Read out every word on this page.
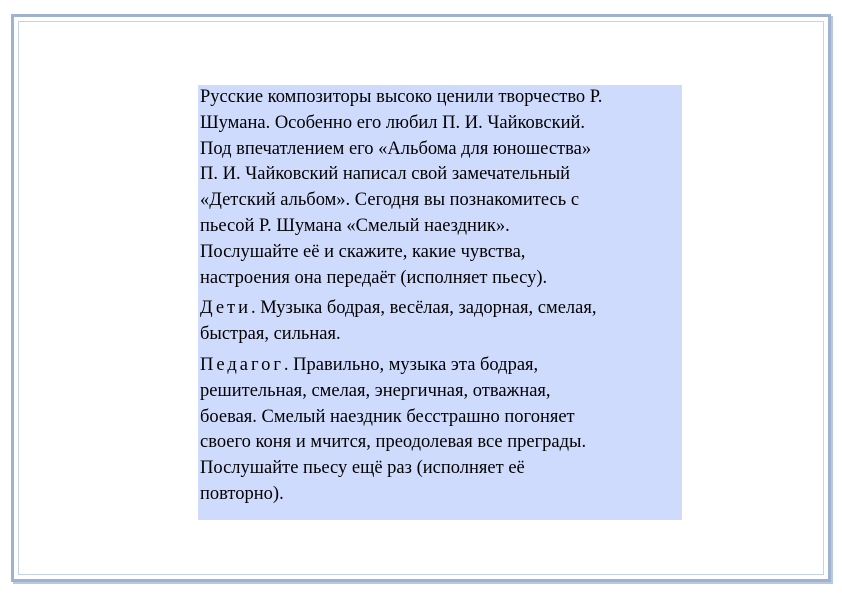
Русские композиторы высоко ценили творчество Р.
Шумана. Особенно его любил П. И. Чайковский.
Под впечатлением его «Альбома для юношества»
П. И. Чайковский написал свой замечательный
«Детский альбом». Сегодня вы познакомитесь с
пьесой Р. Шумана «Смелый наездник».
Послушайте её и скажите, какие чувства,
настроения она передаёт (исполняет пьесу).

Дети. Музыка бодрая, весёлая, задорная, смелая,
быстрая, сильная.

Педагог. Правильно, музыка эта бодрая,
решительная, смелая, энергичная, отважная,
боевая. Смелый наездник бесстрашно погоняет
своего коня и мчится, преодолевая все преграды.
Послушайте пьесу ещё раз (исполняет её
повторно).
